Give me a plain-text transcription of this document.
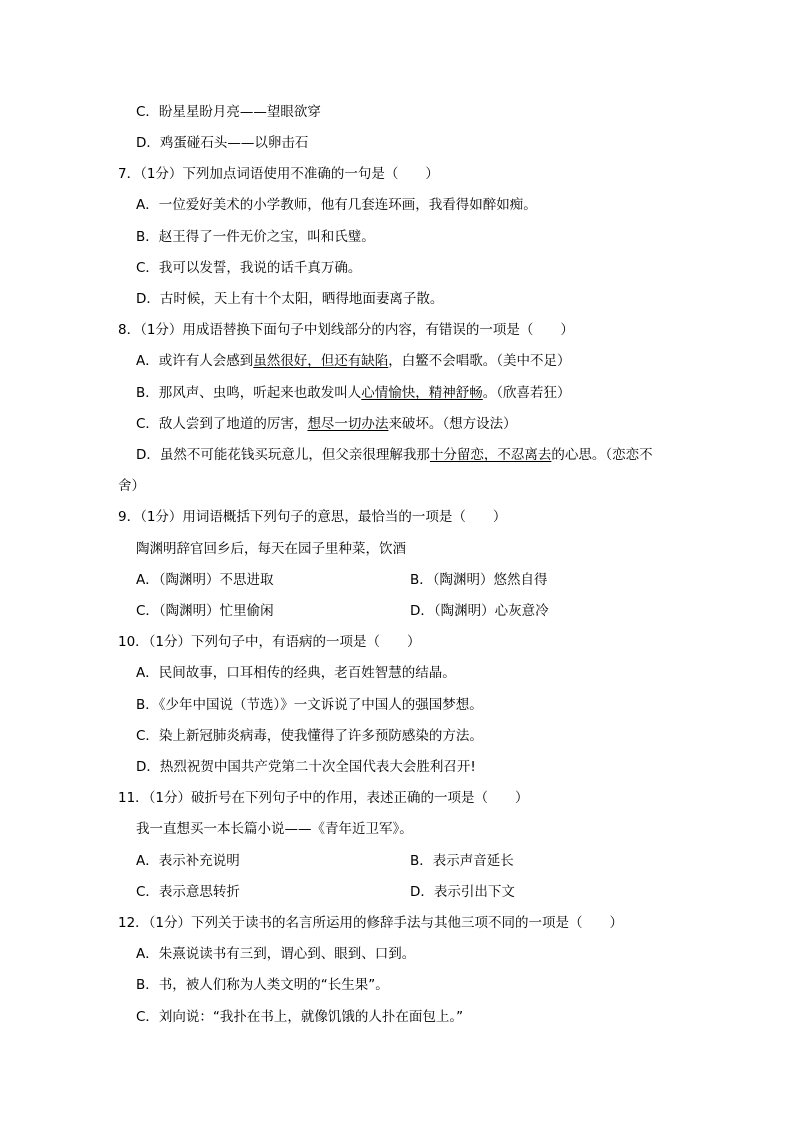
C．盼星星盼月亮——望眼欲穿
D．鸡蛋碰石头——以卵击石
7．（1分）下列加点词语使用不准确的一句是（　　）
A．一位爱好美术的小学教师，他有几套连环画，我看得如醉如痴。
B．赵王得了一件无价之宝，叫和氏璧。
C．我可以发誓，我说的话千真万确。
D．古时候，天上有十个太阳，晒得地面妻离子散。
8．（1分）用成语替换下面句子中划线部分的内容，有错误的一项是（　　）
A．或许有人会感到虽然很好，但还有缺陷，白鳘不会唱歌。（美中不足）
B．那风声、虫鸣，听起来也敢发叫人心情愉快，精神舒畅。（欣喜若狂）
C．敌人尝到了地道的厉害，想尽一切办法来破坏。（想方设法）
D．虽然不可能花钱买玩意儿，但父亲很理解我那十分留恋，不忍离去的心思。（恋恋不
舍）
9．（1分）用词语概括下列句子的意思，最恰当的一项是（　　）
陶渊明辞官回乡后，每天在园子里种菜，饮酒
A．（陶渊明）不思进取	B．（陶渊明）悠然自得
C．（陶渊明）忙里偷闲	D．（陶渊明）心灰意冷
10．（1分）下列句子中，有语病的一项是（　　）
A．民间故事，口耳相传的经典，老百姓智慧的结晶。
B．《少年中国说（节选）》一文诉说了中国人的强国梦想。
C．染上新冠肺炎病毒，使我懂得了许多预防感染的方法。
D．热烈祝贺中国共产党第二十次全国代表大会胜利召开!
11．（1分）破折号在下列句子中的作用，表述正确的一项是（　　）
我一直想买一本长篇小说——《青年近卫军》。
A．表示补充说明	B．表示声音延长
C．表示意思转折	D．表示引出下文
12．（1分）下列关于读书的名言所运用的修辞手法与其他三项不同的一项是（　　）
A．朱熹说读书有三到，谓心到、眼到、口到。
B．书，被人们称为人类文明的“长生果”。
C．刘向说：“我扑在书上，就像饥饿的人扑在面包上。”
